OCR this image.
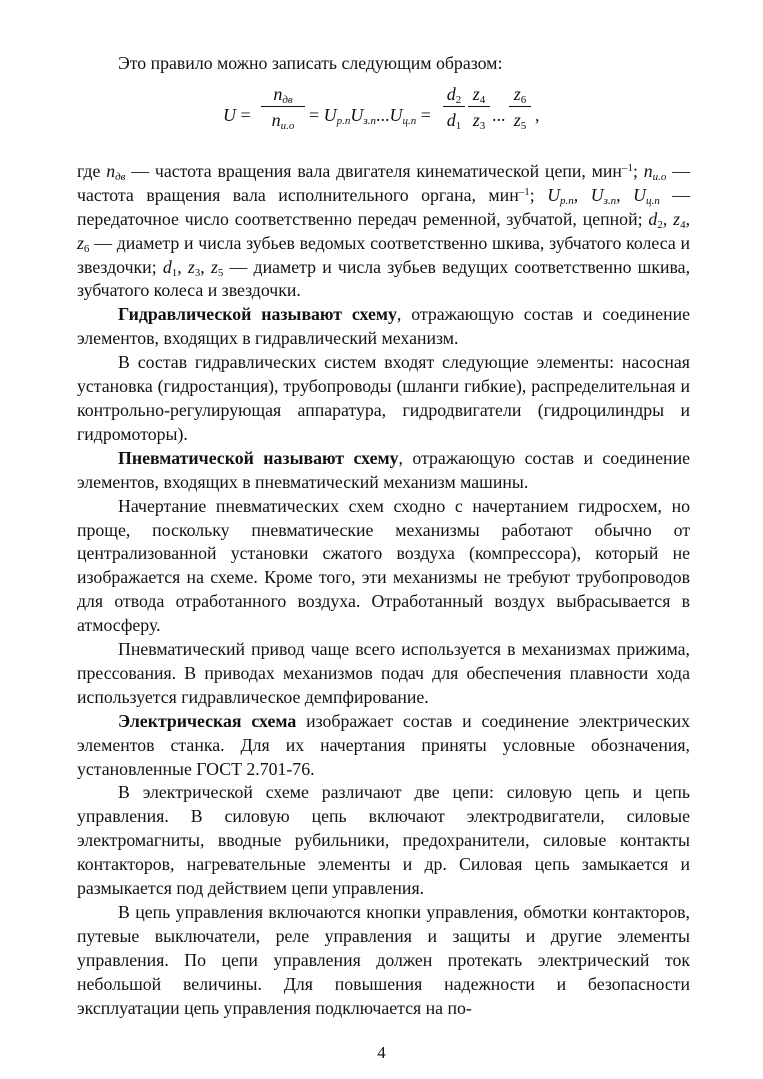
Это правило можно записать следующим образом:

U =
$n_{дв}$
$n_{и.о}$
= $U_{р.п}U_{з.п}...U_{ц.п}$ =
$d_2$
$d_1$
$z_4$
$z_3$
...
$z_6$
$z_5$
,

где $n_{дв}$ — частота вращения вала двигателя кинематической цепи, мин$^{-1}$; $n_{и.о}$ — частота вращения вала исполнительного органа, мин$^{-1}$; $U_{р.п}$, $U_{з.п}$, $U_{ц.п}$ — передаточное число соответственно передач ременной, зубчатой, цепной; $d_2$, $z_4$, $z_6$ — диаметр и числа зубьев ведомых соответственно шкива, зубчатого колеса и звездочки; $d_1$, $z_3$, $z_5$ — диаметр и числа зубьев ведущих соответственно шкива, зубчатого колеса и звездочки.

Гидравлической называют схему, отражающую состав и соединение элементов, входящих в гидравлический механизм.

В состав гидравлических систем входят следующие элементы: насосная установка (гидростанция), трубопроводы (шланги гибкие), распределительная и контрольно-регулирующая аппаратура, гидродвигатели (гидроцилиндры и гидромоторы).

Пневматической называют схему, отражающую состав и соединение элементов, входящих в пневматический механизм машины.

Начертание пневматических схем сходно с начертанием гидросхем, но проще, поскольку пневматические механизмы работают обычно от централизованной установки сжатого воздуха (компрессора), который не изображается на схеме. Кроме того, эти механизмы не требуют трубопроводов для отвода отработанного воздуха. Отработанный воздух выбрасывается в атмосферу.

Пневматический привод чаще всего используется в механизмах прижима, прессования. В приводах механизмов подач для обеспечения плавности хода используется гидравлическое демпфирование.

Электрическая схема изображает состав и соединение электрических элементов станка. Для их начертания приняты условные обозначения, установленные ГОСТ 2.701-76.

В электрической схеме различают две цепи: силовую цепь и цепь управления. В силовую цепь включают электродвигатели, силовые электромагниты, вводные рубильники, предохранители, силовые контакты контакторов, нагревательные элементы и др. Силовая цепь замыкается и размыкается под действием цепи управления.

В цепь управления включаются кнопки управления, обмотки контакторов, путевые выключатели, реле управления и защиты и другие элементы управления. По цепи управления должен протекать электрический ток небольшой величины. Для повышения надежности и безопасности эксплуатации цепь управления подключается на по-

4
